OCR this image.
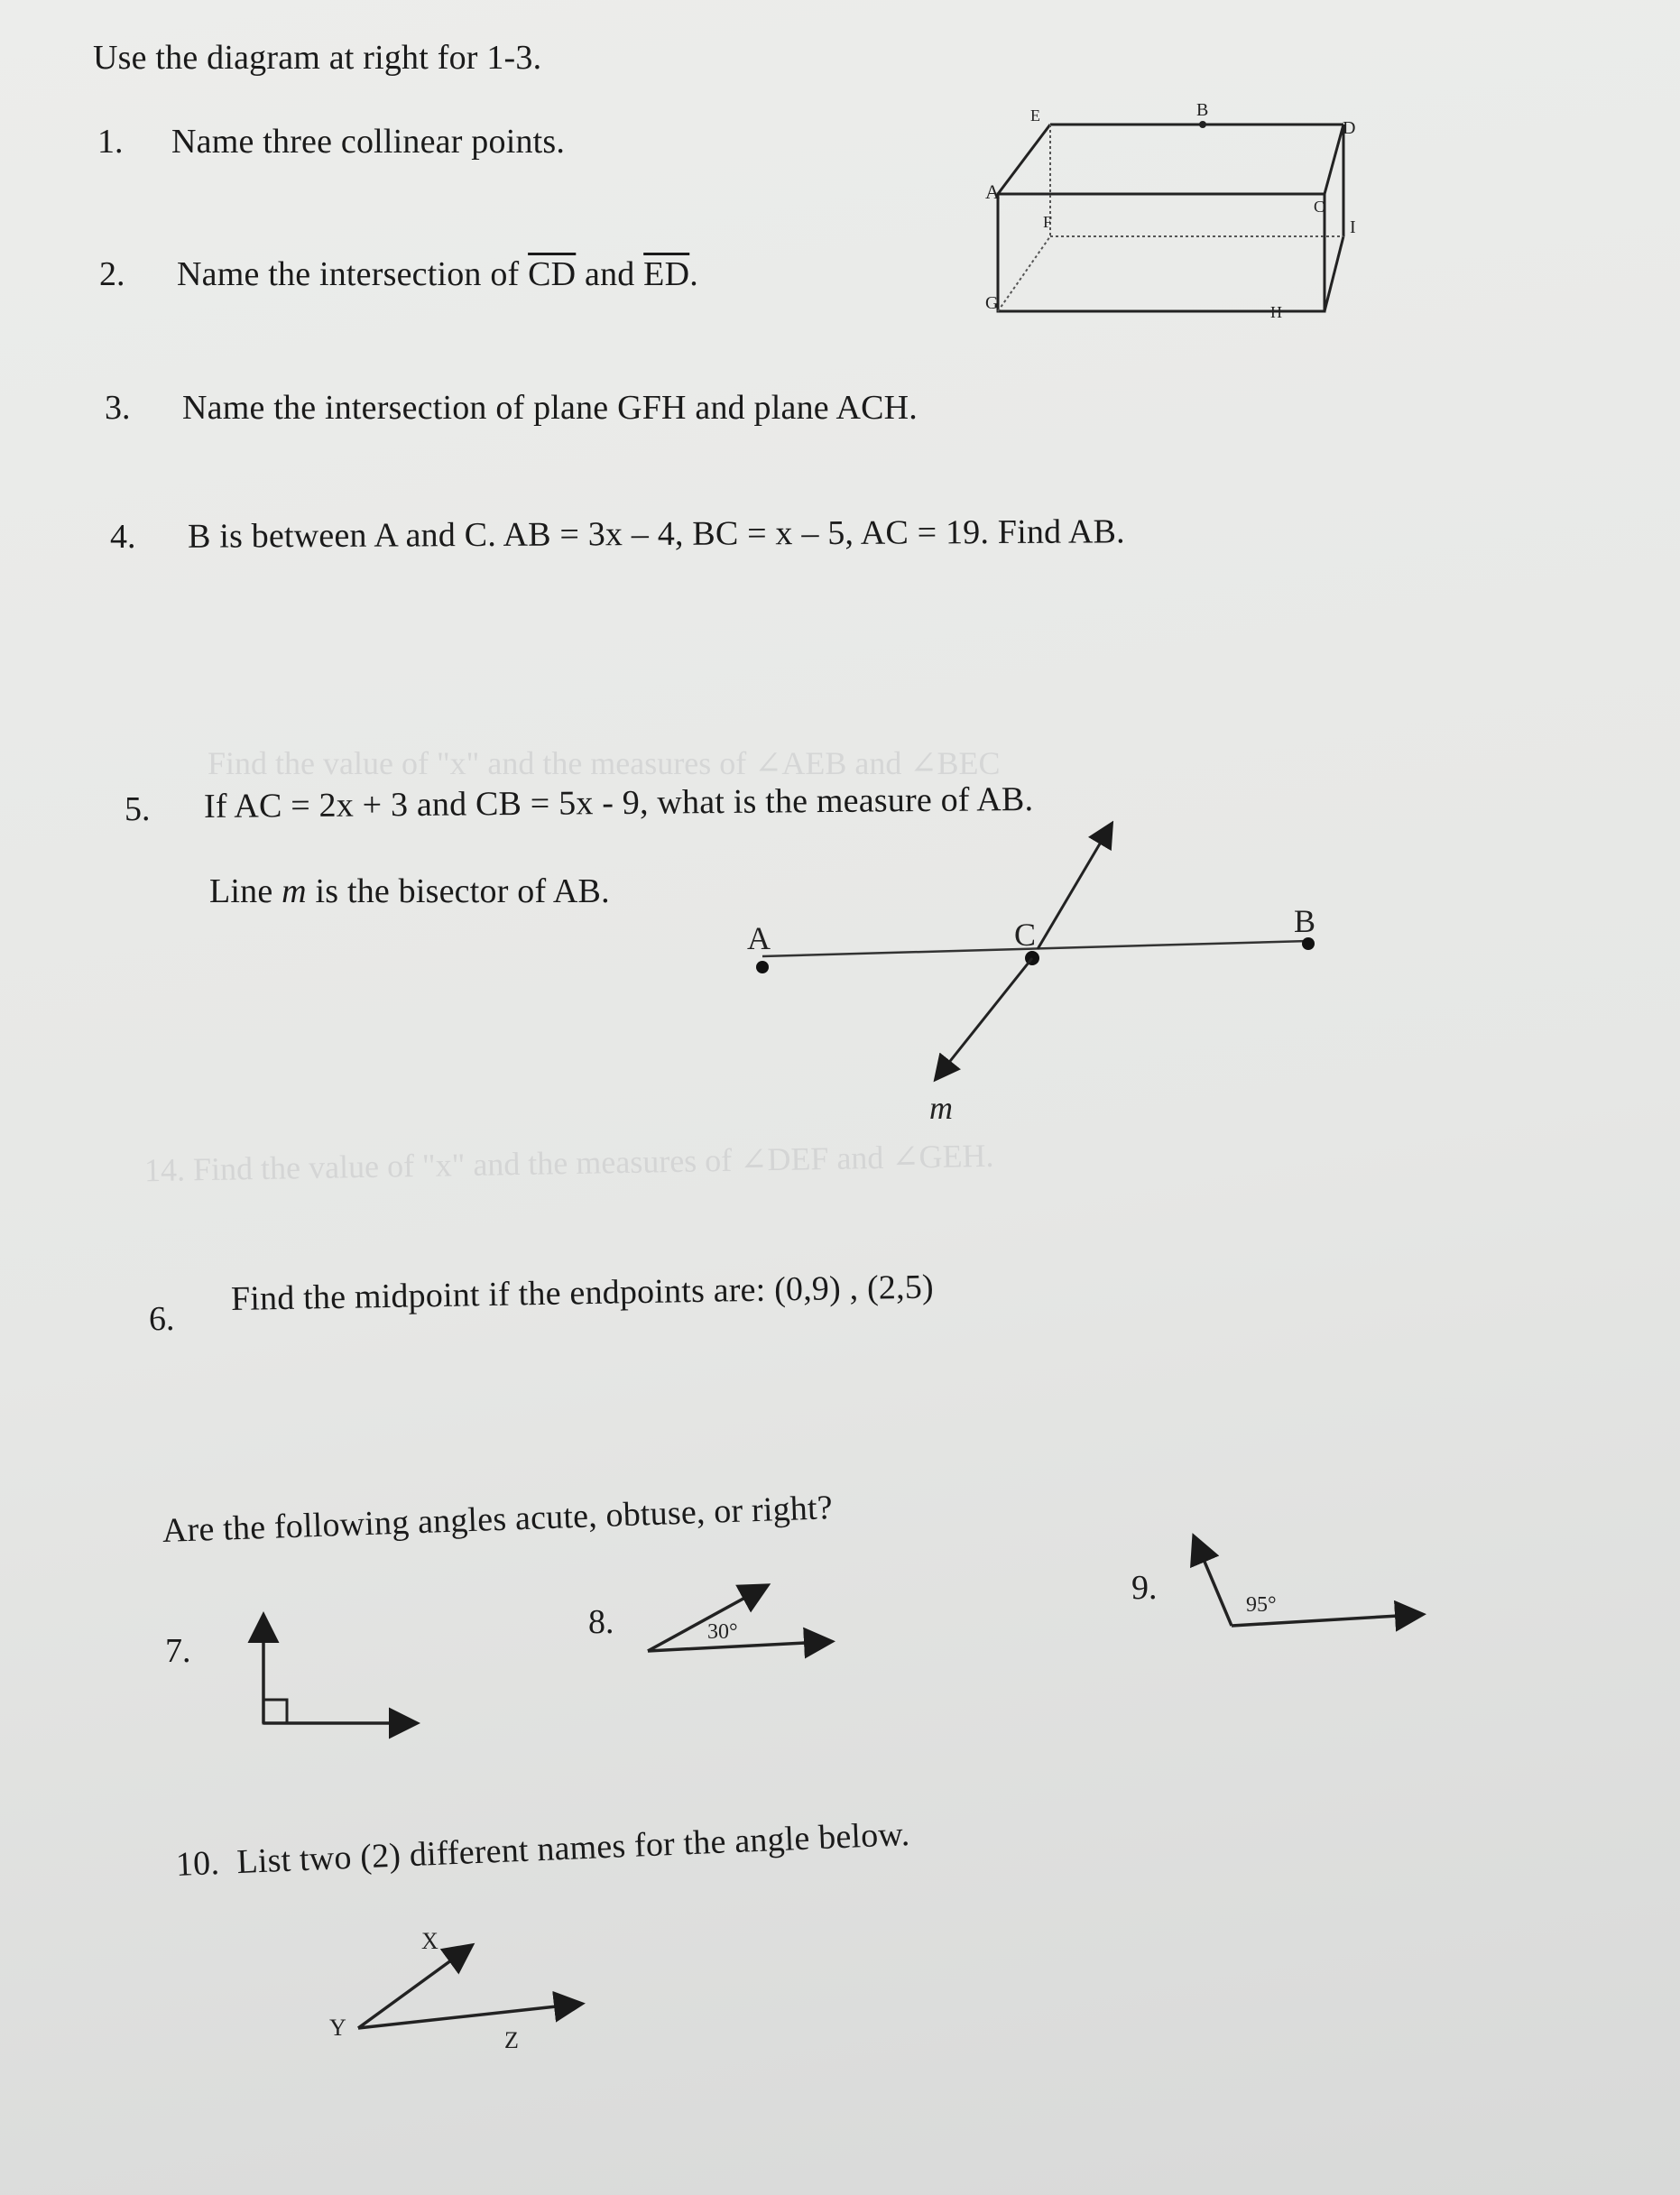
Find the value of "x" and the measures of ∠AEB and ∠BEC
14. Find the value of "x" and the measures of ∠DEF and ∠GEH.
Use the diagram at right for 1-3.
1. Name three collinear points.
2. Name the intersection of $\overline{CD}$ and $\overline{ED}$.
3. Name the intersection of plane GFH and plane ACH.
4. B is between A and C. AB = 3x – 4, BC = x – 5, AC = 19. Find AB.
5. If AC = 2x + 3 and CB = 5x - 9, what is the measure of AB.
Line m is the bisector of AB.
6.
Find the midpoint if the endpoints are: (0,9) , (2,5)
Are the following angles acute, obtuse, or right?
7.
8.
9.
10. List two (2) different names for the angle below.
A
B
C
D
E
F
G	H
I
A	B
C
m
30°
95°
X
Y	Z
